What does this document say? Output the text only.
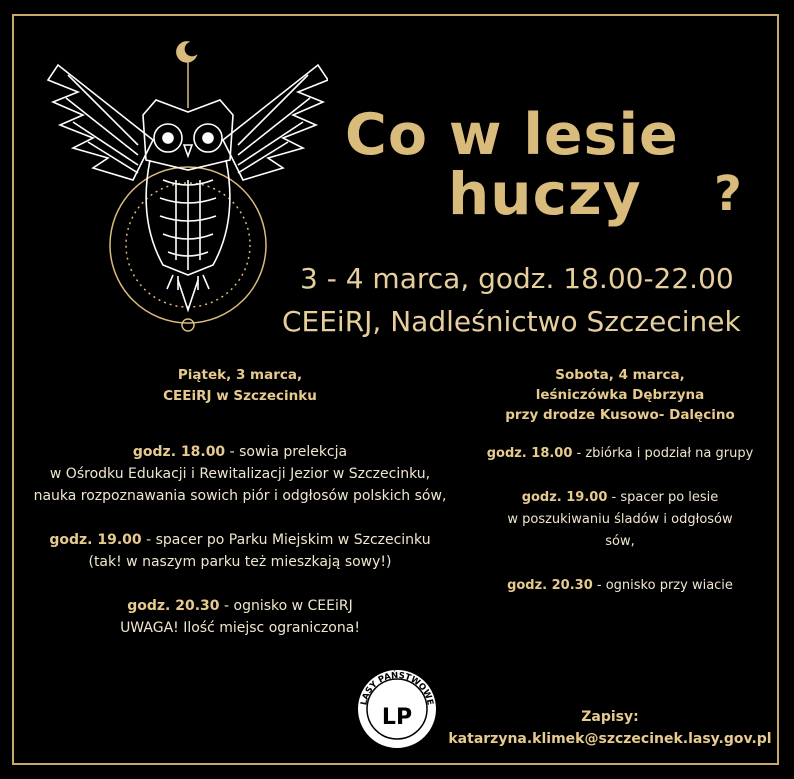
Co w lesie
huczy ?
3 - 4 marca, godz. 18.00-22.00
CEEiRJ, Nadleśnictwo Szczecinek
Piątek, 3 marca,
CEEiRJ w Szczecinku

godz. 18.00 - sowia prelekcja

w Ośrodku Edukacji i Rewitalizacji Jezior w Szczecinku,

nauka rozpoznawania sowich piór i odgłosów polskich sów,

godz. 19.00 - spacer po Parku Miejskim w Szczecinku

(tak! w naszym parku też mieszkają sowy!)

godz. 20.30 - ognisko w CEEiRJ

UWAGA! Ilość miejsc ograniczona!

Sobota, 4 marca,
leśniczówka Dębrzyna
przy drodze Kusowo- Dalęcino

godz. 18.00 - zbiórka i podział na grupy

godz. 19.00 - spacer po lesie

w poszukiwaniu śladów i odgłosów

sów,

godz. 20.30 - ognisko przy wiacie

LASY PAŃSTWOWE
LP	Zapisy:
katarzyna.klimek@szczecinek.lasy.gov.pl
